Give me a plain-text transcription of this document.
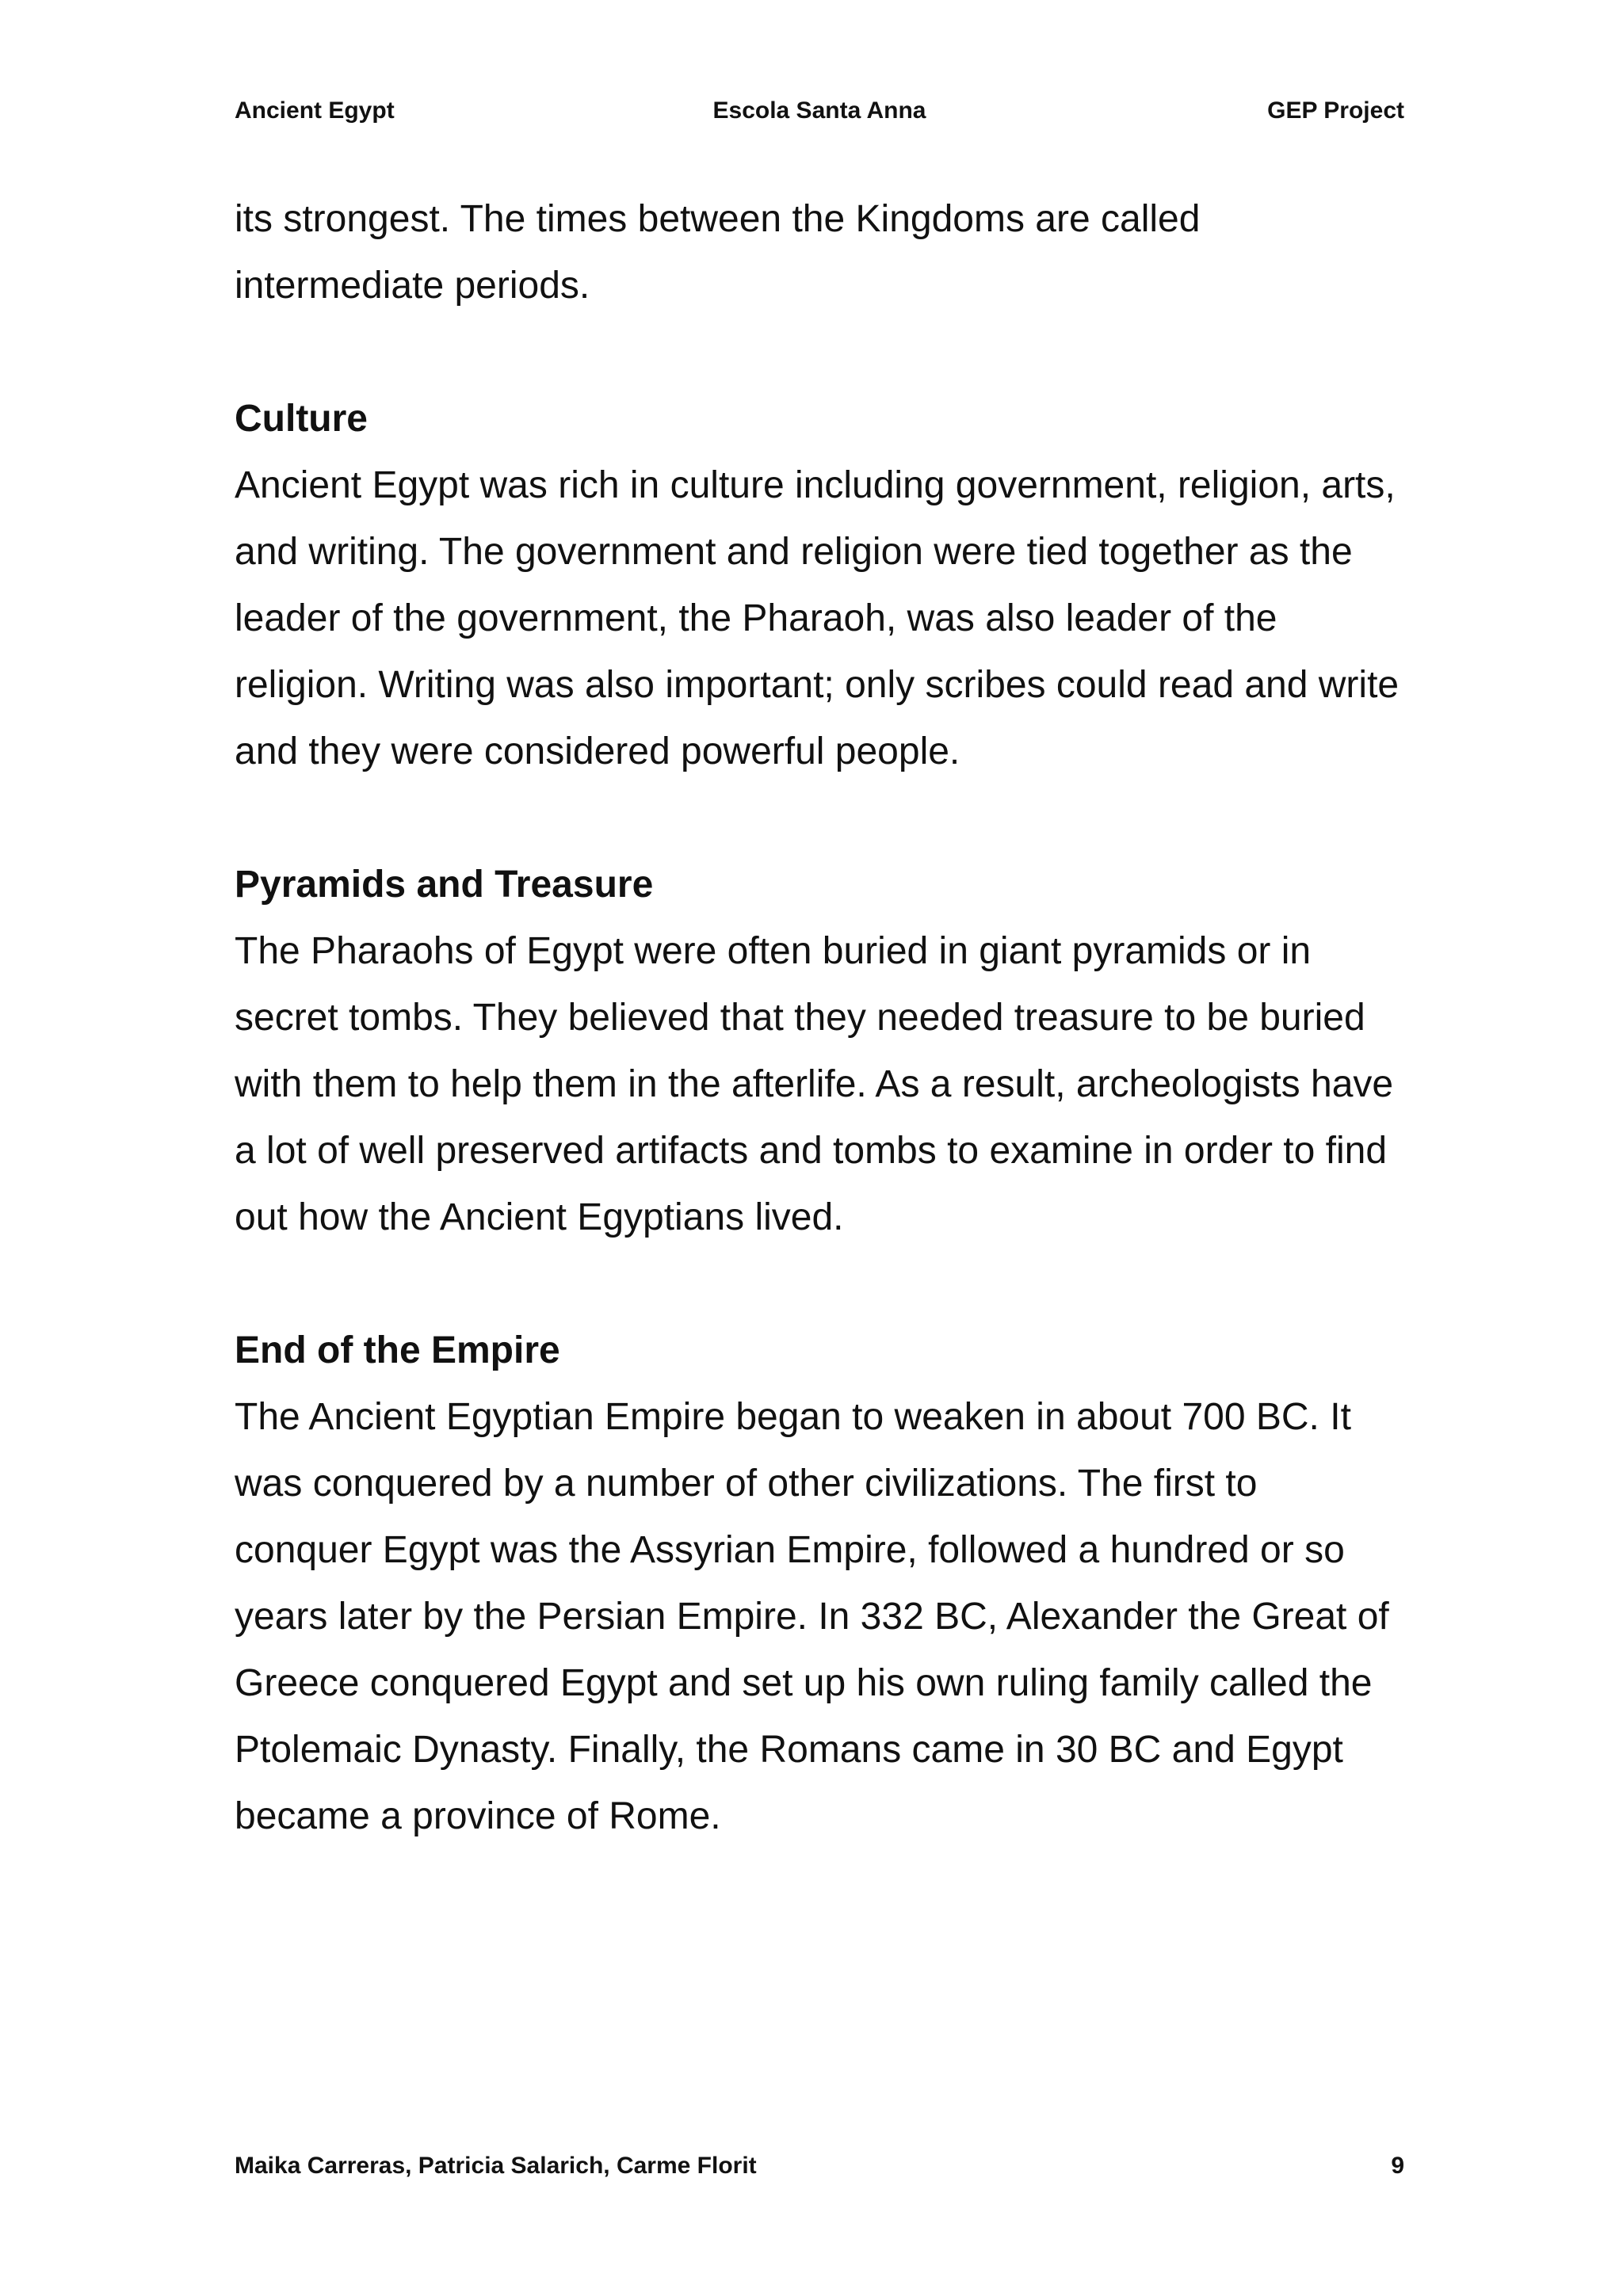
Ancient Egypt	Escola Santa Anna	GEP Project

its strongest. The times between the Kingdoms are called intermediate periods.

Culture

Ancient Egypt was rich in culture including government, religion, arts, and writing. The government and religion were tied together as the leader of the government, the Pharaoh, was also leader of the religion. Writing was also important; only scribes could read and write and they were considered powerful people.

Pyramids and Treasure

The Pharaohs of Egypt were often buried in giant pyramids or in secret tombs. They believed that they needed treasure to be buried with them to help them in the afterlife. As a result, archeologists have a lot of well preserved artifacts and tombs to examine in order to find out how the Ancient Egyptians lived.

End of the Empire

The Ancient Egyptian Empire began to weaken in about 700 BC. It was conquered by a number of other civilizations. The first to conquer Egypt was the Assyrian Empire, followed a hundred or so years later by the Persian Empire. In 332 BC, Alexander the Great of Greece conquered Egypt and set up his own ruling family called the Ptolemaic Dynasty. Finally, the Romans came in 30 BC and Egypt became a province of Rome.

Maika Carreras, Patricia Salarich, Carme Florit	9
